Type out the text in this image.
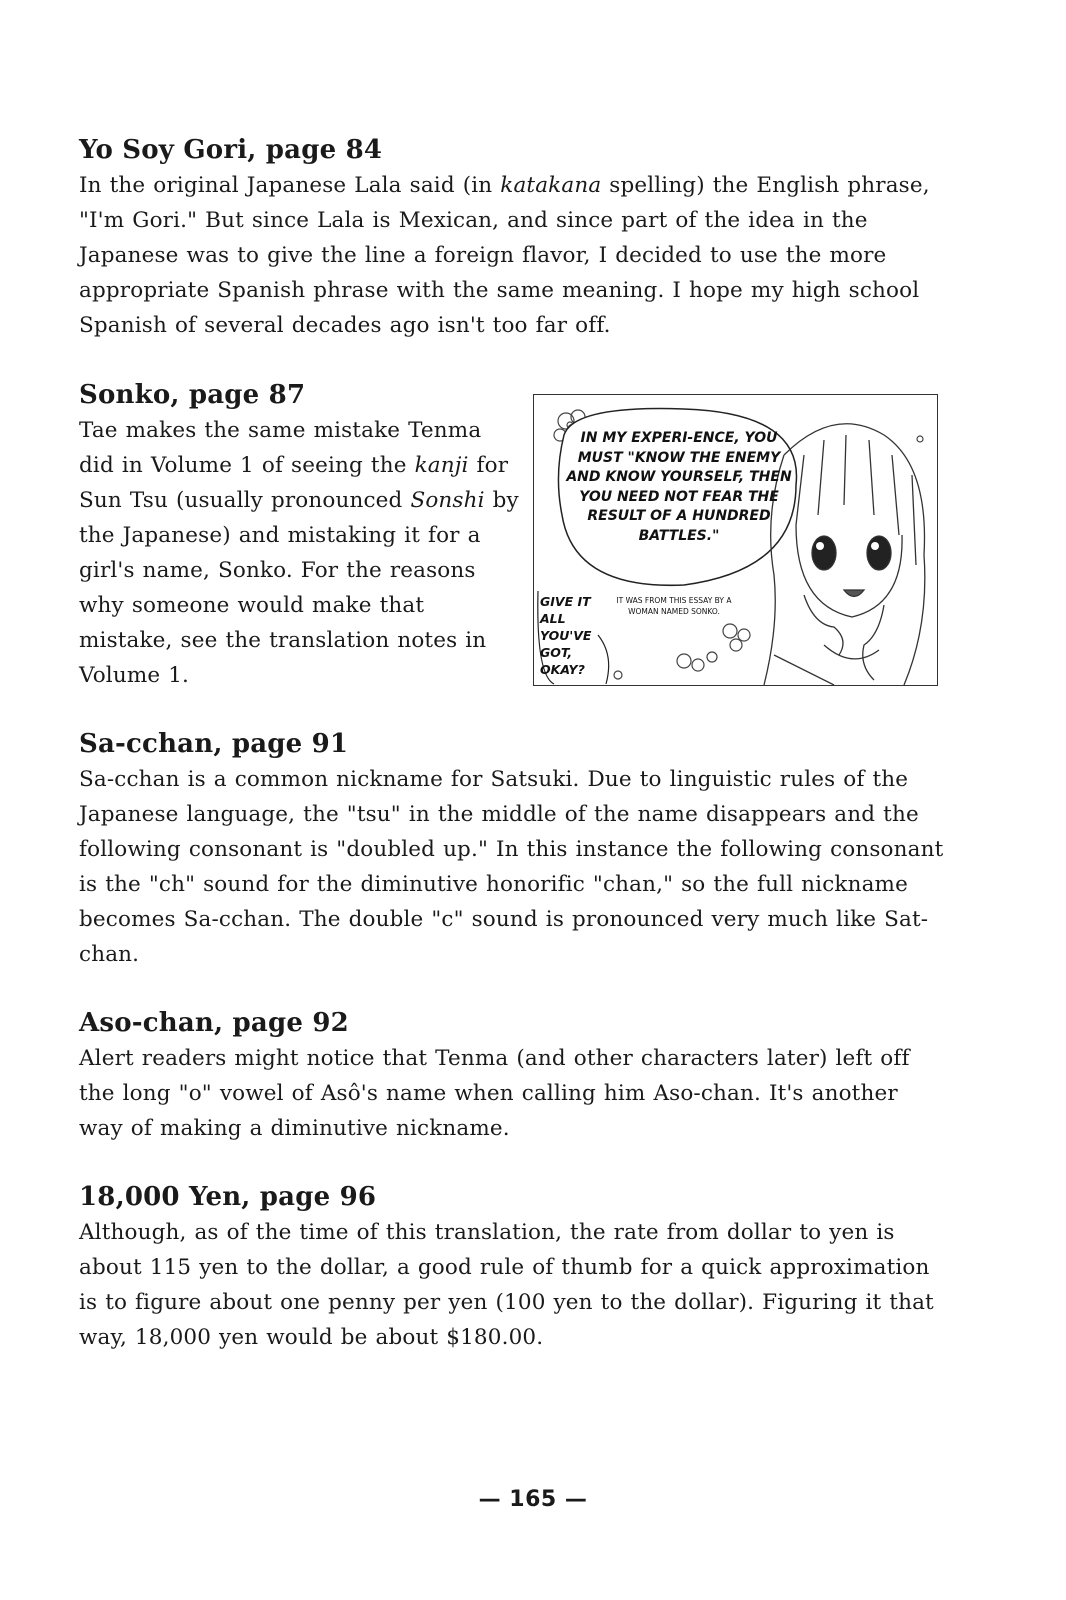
Yo Soy Gori, page 84

In the original Japanese Lala said (in katakana spelling) the English phrase, "I'm Gori." But since Lala is Mexican, and since part of the idea in the Japanese was to give the line a foreign flavor, I decided to use the more appropriate Spanish phrase with the same meaning. I hope my high school Spanish of several decades ago isn't too far off.

Sonko, page 87

Tae makes the same mistake Tenma did in Volume 1 of seeing the kanji for Sun Tsu (usually pronounced Sonshi by the Japanese) and mistaking it for a girl's name, Sonko. For the reasons why someone would make that mistake, see the translation notes in Volume 1.

Sa-cchan, page 91

Sa-cchan is a common nickname for Satsuki. Due to linguistic rules of the Japanese language, the "tsu" in the middle of the name disappears and the following consonant is "doubled up." In this instance the following consonant is the "ch" sound for the diminutive honorific "chan," so the full nickname becomes Sa-cchan. The double "c" sound is pronounced very much like Sat-chan.

Aso-chan, page 92

Alert readers might notice that Tenma (and other characters later) left off the long "o" vowel of Asô's name when calling him Aso-chan. It's another way of making a diminutive nickname.

18,000 Yen, page 96

Although, as of the time of this translation, the rate from dollar to yen is about 115 yen to the dollar, a good rule of thumb for a quick approximation is to figure about one penny per yen (100 yen to the dollar). Figuring it that way, 18,000 yen would be about $180.00.

IN MY EXPERI-ENCE, YOU MUST "KNOW THE ENEMY AND KNOW YOURSELF, THEN YOU NEED NOT FEAR THE RESULT OF A HUNDRED BATTLES."
GIVE IT ALL YOU'VE GOT, OKAY?
IT WAS FROM THIS ESSAY BY A WOMAN NAMED SONKO.
— 165 —
